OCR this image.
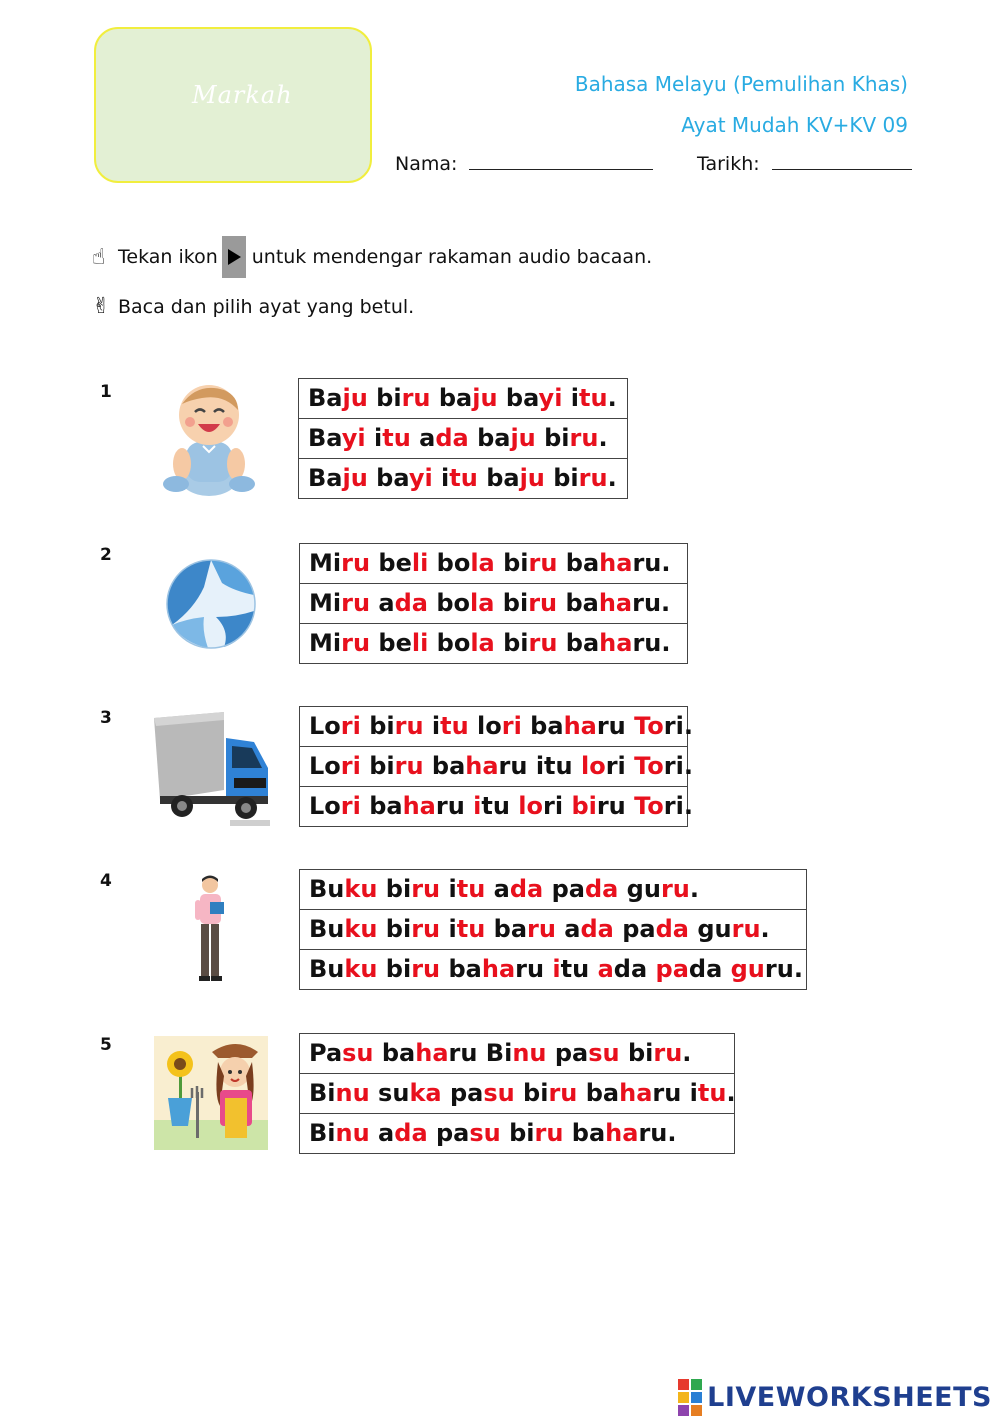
Markah	Bahasa Melayu (Pemulihan Khas)
Ayat Mudah KV+KV 09
Nama:	Tarikh:
☝ Tekan ikon untuk mendengar rakaman audio bacaan.
✌ Baca dan pilih ayat yang betul.
1	Baju biru baju bayi itu.
Bayi itu ada baju biru.
Baju bayi itu baju biru.
2	Miru beli bola biru baharu.
Miru ada bola biru baharu.
Miru beli bola biru baharu.
3	Lori biru itu lori baharu Tori.
Lori biru baharu itu lori Tori.
Lori baharu itu lori biru Tori.
4	Buku biru itu ada pada guru.
Buku biru itu baru ada pada guru.
Buku biru baharu itu ada pada guru.
5	Pasu baharu Binu pasu biru.
Binu suka pasu biru baharu itu.
Binu ada pasu biru baharu.
LIVEWORKSHEETS
